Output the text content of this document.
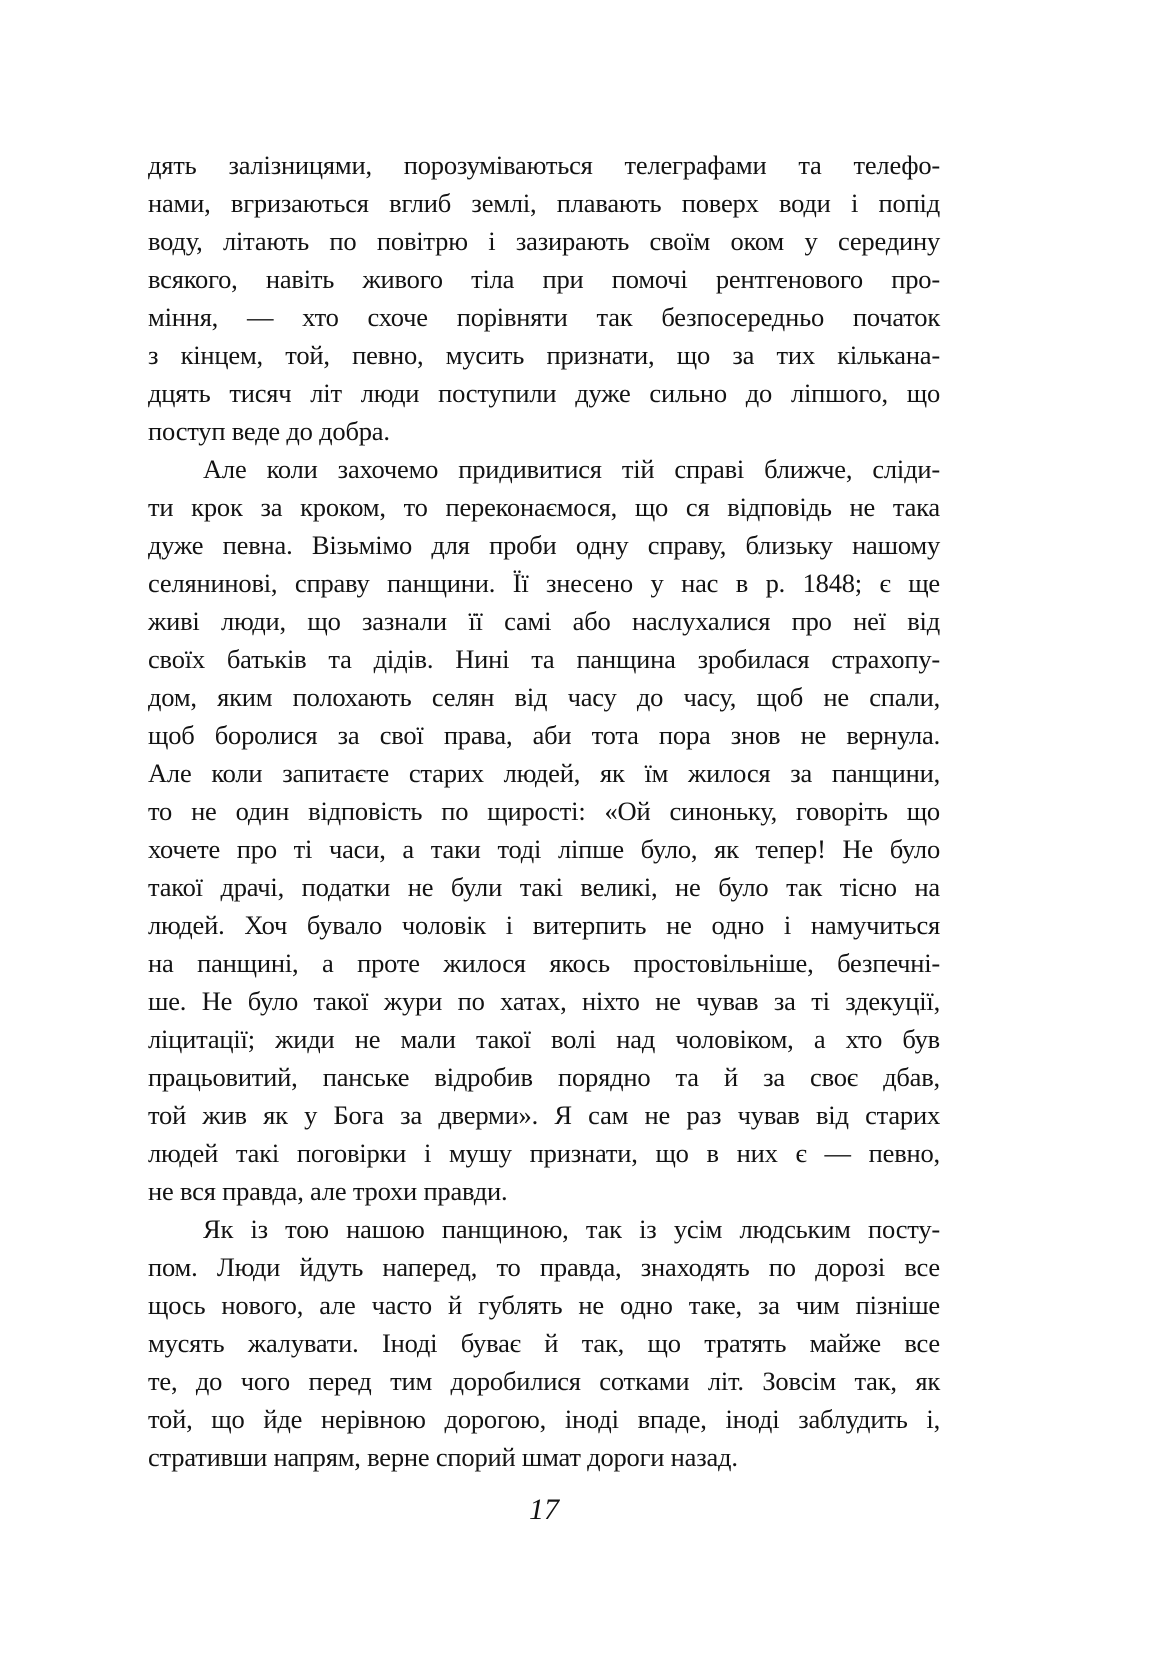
дять залізницями, порозуміваються телеграфами та телефо-
нами, вгризаються вглиб землі, плавають поверх води і попід
воду, літають по повітрю і зазирають своїм оком у середину
всякого, навіть живого тіла при помочі рентгенового про-
міння, — хто схоче порівняти так безпосередньо початок
з кінцем, той, певно, мусить признати, що за тих кількана-
дцять тисяч літ люди поступили дуже сильно до ліпшого, що
поступ веде до добра.

Але коли захочемо придивитися тій справі ближче, сліди-
ти крок за кроком, то переконаємося, що ся відповідь не така
дуже певна. Візьмімо для проби одну справу, близьку нашому
селянинові, справу панщини. Її знесено у нас в р. 1848; є ще
живі люди, що зазнали її самі або наслухалися про неї від
своїх батьків та дідів. Нині та панщина зробилася страхопу-
дом, яким полохають селян від часу до часу, щоб не спали,
щоб боролися за свої права, аби тота пора знов не вернула.
Але коли запитаєте старих людей, як їм жилося за панщини,
то не один відповість по щирості: «Ой синоньку, говоріть що
хочете про ті часи, а таки тоді ліпше було, як тепер! Не було
такої драчі, податки не були такі великі, не було так тісно на
людей. Хоч бувало чоловік і витерпить не одно і намучиться
на панщині, а проте жилося якось простовільніше, безпечні-
ше. Не було такої жури по хатах, ніхто не чував за ті здекуції,
ліцитації; жиди не мали такої волі над чоловіком, а хто був
працьовитий, панське відробив порядно та й за своє дбав,
той жив як у Бога за дверми». Я сам не раз чував від старих
людей такі поговірки і мушу признати, що в них є — певно,
не вся правда, але трохи правди.

Як із тою нашою панщиною, так із усім людським посту-
пом. Люди йдуть наперед, то правда, знаходять по дорозі все
щось нового, але часто й гублять не одно таке, за чим пізніше
мусять жалувати. Іноді буває й так, що тратять майже все
те, до чого перед тим доробилися сотками літ. Зовсім так, як
той, що йде нерівною дорогою, іноді впаде, іноді заблудить і,
стративши напрям, верне спорий шмат дороги назад.

17
